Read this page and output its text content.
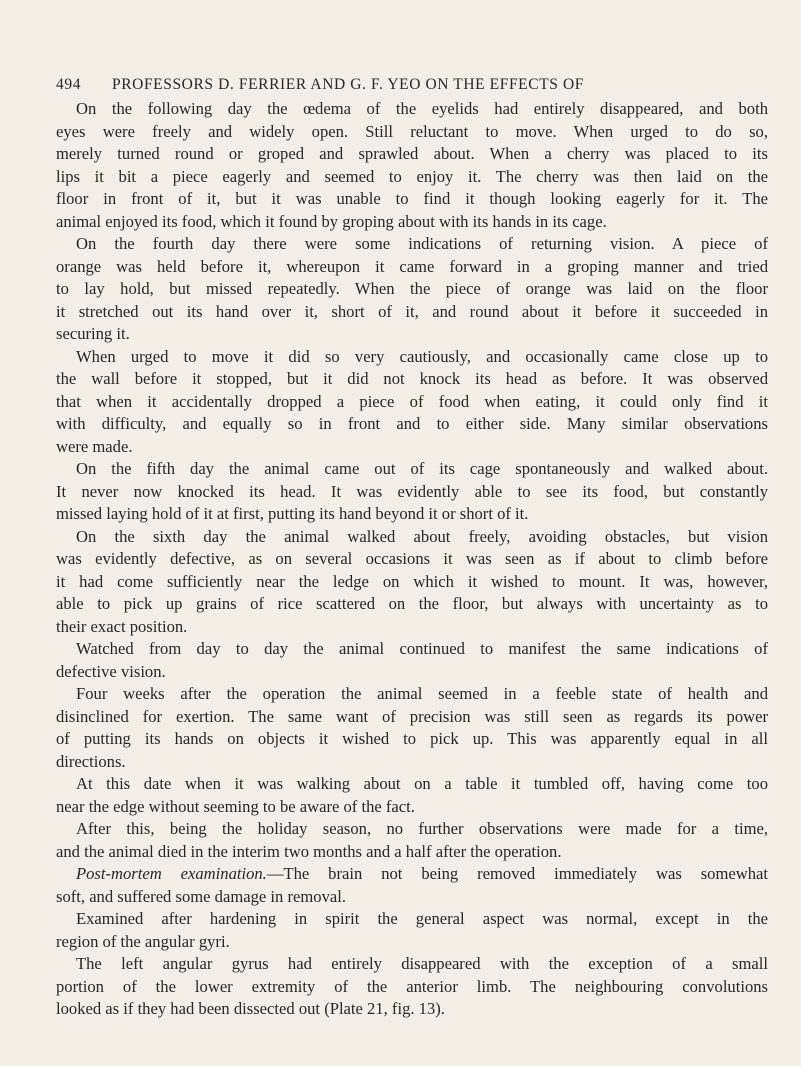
494 PROFESSORS D. FERRIER AND G. F. YEO ON THE EFFECTS OF
On the following day the œdema of the eyelids had entirely disappeared, and both
eyes were freely and widely open. Still reluctant to move. When urged to do so,
merely turned round or groped and sprawled about. When a cherry was placed to its
lips it bit a piece eagerly and seemed to enjoy it. The cherry was then laid on the
floor in front of it, but it was unable to find it though looking eagerly for it. The
animal enjoyed its food, which it found by groping about with its hands in its cage.
On the fourth day there were some indications of returning vision. A piece of
orange was held before it, whereupon it came forward in a groping manner and tried
to lay hold, but missed repeatedly. When the piece of orange was laid on the floor
it stretched out its hand over it, short of it, and round about it before it succeeded in
securing it.
When urged to move it did so very cautiously, and occasionally came close up to
the wall before it stopped, but it did not knock its head as before. It was observed
that when it accidentally dropped a piece of food when eating, it could only find it
with difficulty, and equally so in front and to either side. Many similar observations
were made.
On the fifth day the animal came out of its cage spontaneously and walked about.
It never now knocked its head. It was evidently able to see its food, but constantly
missed laying hold of it at first, putting its hand beyond it or short of it.
On the sixth day the animal walked about freely, avoiding obstacles, but vision
was evidently defective, as on several occasions it was seen as if about to climb before
it had come sufficiently near the ledge on which it wished to mount. It was, however,
able to pick up grains of rice scattered on the floor, but always with uncertainty as to
their exact position.
Watched from day to day the animal continued to manifest the same indications of
defective vision.
Four weeks after the operation the animal seemed in a feeble state of health and
disinclined for exertion. The same want of precision was still seen as regards its power
of putting its hands on objects it wished to pick up. This was apparently equal in all
directions.
At this date when it was walking about on a table it tumbled off, having come too
near the edge without seeming to be aware of the fact.
After this, being the holiday season, no further observations were made for a time,
and the animal died in the interim two months and a half after the operation.
Post-mortem examination.—The brain not being removed immediately was somewhat
soft, and suffered some damage in removal.
Examined after hardening in spirit the general aspect was normal, except in the
region of the angular gyri.
The left angular gyrus had entirely disappeared with the exception of a small
portion of the lower extremity of the anterior limb. The neighbouring convolutions
looked as if they had been dissected out (Plate 21, fig. 13).
